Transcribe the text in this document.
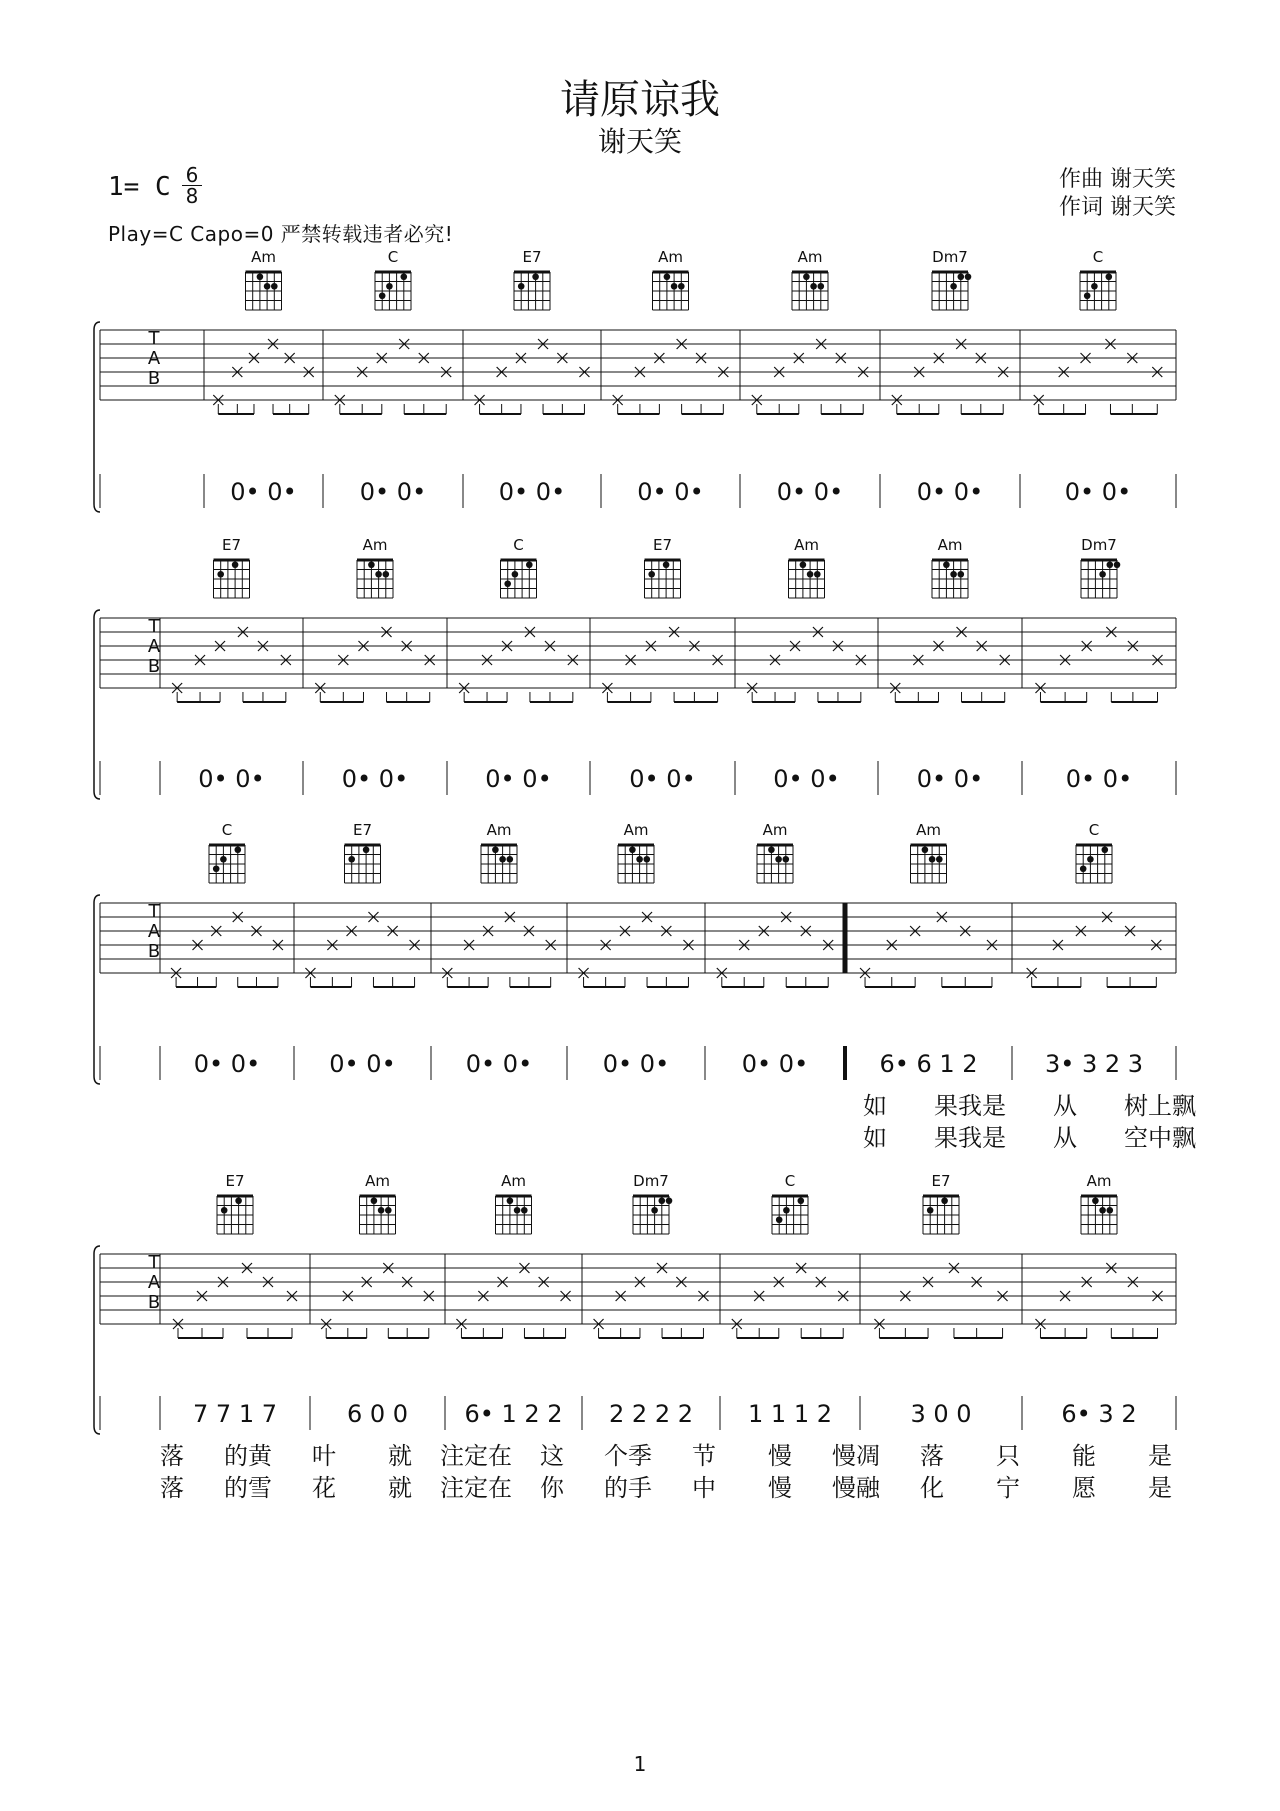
请原谅我
谢天笑
1= C 6
8
Play=C Capo=0 严禁转载违者必究!
作曲 谢天笑
作词 谢天笑
T
A
B
Am
0• 0•
C
0• 0•
E7
0• 0•
Am
0• 0•
Am
0• 0•
Dm7
0• 0•
C
0• 0•
T
A
B
E7
0• 0•
Am
0• 0•
C
0• 0•
E7
0• 0•
Am
0• 0•
Am
0• 0•
Dm7
0• 0•
T
A
B
C
0• 0•
E7
0• 0•
Am
0• 0•
Am
0• 0•
Am
0• 0•
Am
6• 6 1 2
C
3• 3 2 3
如 果我是 从 树上飘
如 果我是 从 空中飘
T
A
B
E7
7 7 1 7
Am
6 0 0
Am
6• 1 2 2
Dm7
2 2 2 2
C
1 1 1 2
E7
3 0 0
Am
6• 3 2
落 的黄 叶 就 注定在 这 个季 节 慢 慢凋 落 只 能 是
落 的雪 花 就 注定在 你 的手 中 慢 慢融 化 宁 愿 是
1
